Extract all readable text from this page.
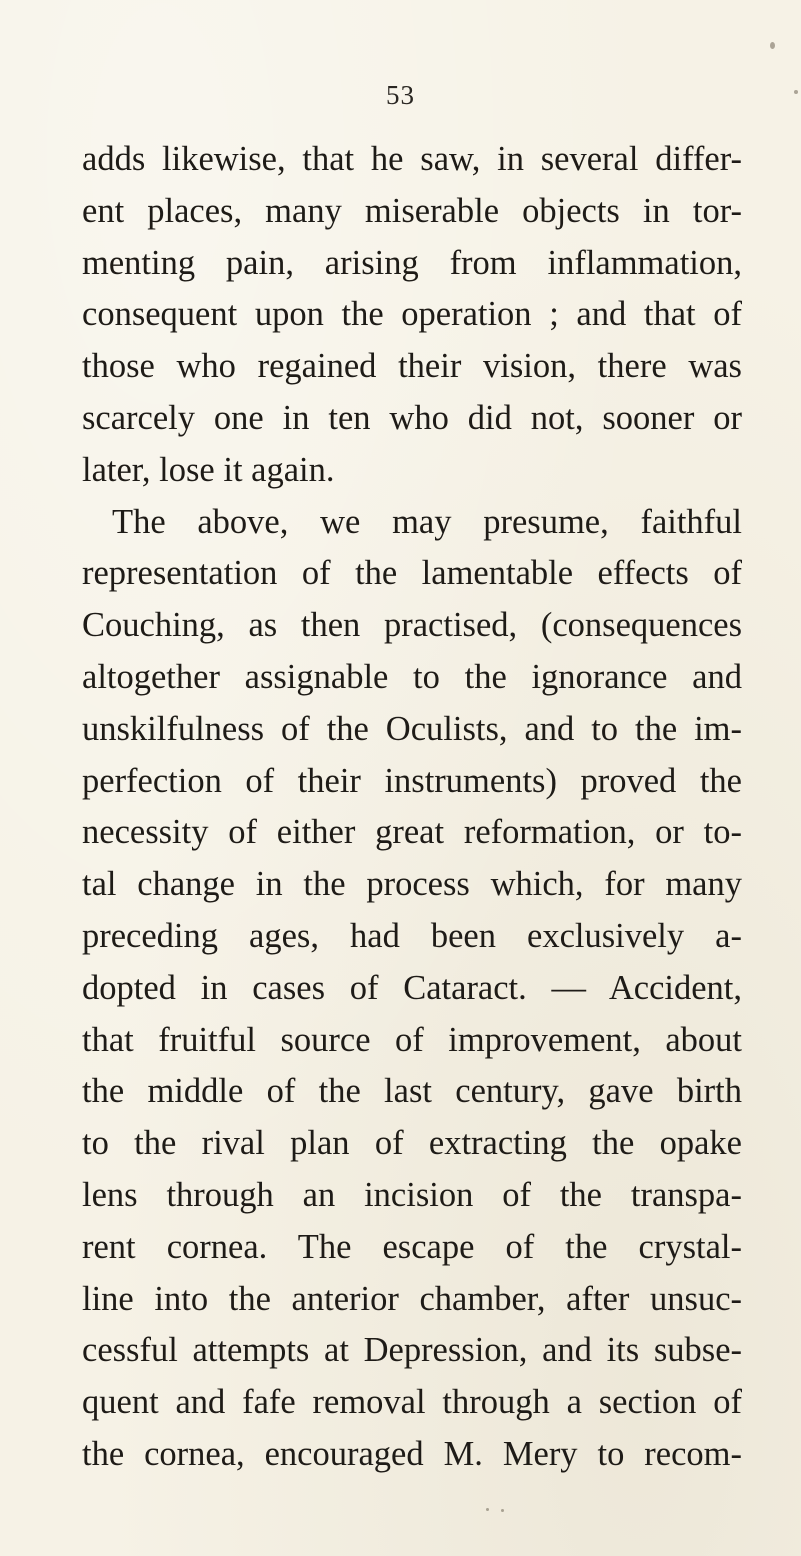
53
adds likewise, that he saw, in several differ-
ent places, many miserable objects in tor-
menting pain, arising from inflammation,
consequent upon the operation ; and that of
those who regained their vision, there was
scarcely one in ten who did not, sooner or
later, lose it again.
The above, we may presume, faithful
representation of the lamentable effects of
Couching, as then practised, (consequences
altogether assignable to the ignorance and
unskilfulness of the Oculists, and to the im-
perfection of their instruments) proved the
necessity of either great reformation, or to-
tal change in the process which, for many
preceding ages, had been exclusively a-
dopted in cases of Cataract. — Accident,
that fruitful source of improvement, about
the middle of the last century, gave birth
to the rival plan of extracting the opake
lens through an incision of the transpa-
rent cornea. The escape of the crystal-
line into the anterior chamber, after unsuc-
cessful attempts at Depression, and its subse-
quent and fafe removal through a section of
the cornea, encouraged M. Mery to recom-
